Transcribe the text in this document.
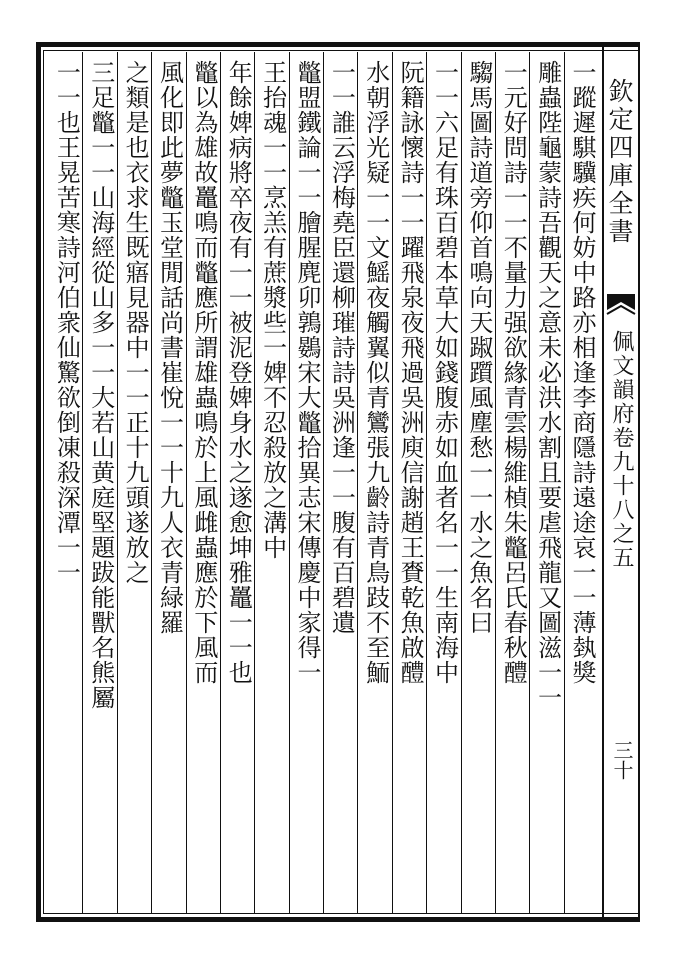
欽定四庫全書
佩文韻府卷九十八之五
三十
一蹤遲騏驥疾何妨中路亦相逢李商隱詩遠途哀一一薄埶獎
雕蟲陛龜蒙詩吾觀天之意未必洪水割且要虐飛龍又圖滋一一
一元好問詩一一不量力强欲緣青雲楊維楨朱鼈呂氏春秋醴
騶馬圖詩道旁仰首鳴向天踧躓風塵愁一一水之魚名曰
一一六足有珠百碧本草大如錢腹赤如血者名一一生南海中
阮籍詠懷詩一一躍飛泉夜飛過吳洲庾信謝趙王賚乾魚啟醴
水朝浮光疑一一文鰩夜觸翼似青鸞張九齡詩青鳥跂不至鮞
一一誰云浮梅堯臣還柳璀詩詩吳洲逢一一腹有百碧遺
鼈盟鐵論一一膾腥麂卯鶉鷃宋大鼈拾異志宋傳慶中家得一
王抬魂一一烹羔有蔗漿些一婢不忍殺放之溝中
年餘婢病將卒夜有一一被泥登婢身水之遂愈坤雅鼉一一也
鼈以為雄故鼉鳴而鼈應所謂雄蟲鳴於上風雌蟲應於下風而
風化即此夢鼈玉堂閒話尚書崔悅一一十九人衣青緑羅
之類是也衣求生既寤見器中一一正十九頭遂放之
三足鼈一一山海經從山多一一大若山黄庭堅題跋能獸名熊屬
一一也王晃苦寒詩河伯衆仙驚欲倒凍殺深潭一一
